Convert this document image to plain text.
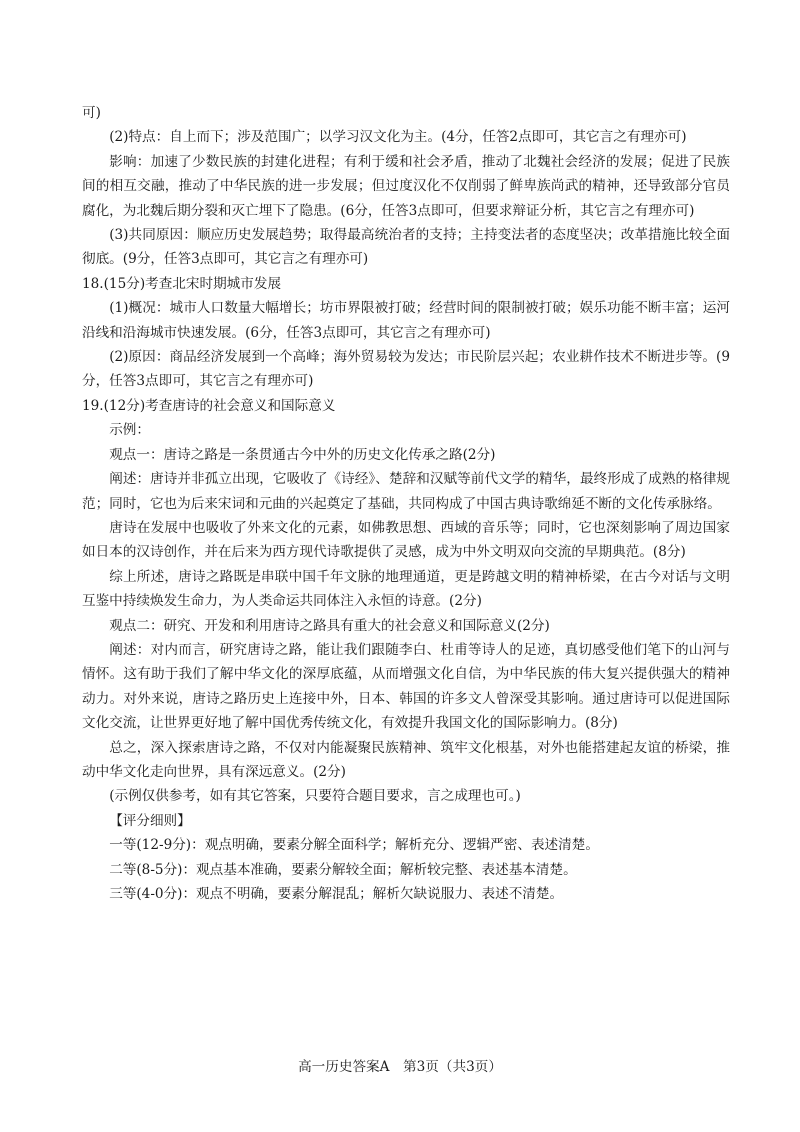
可)

(2)特点：自上而下；涉及范围广；以学习汉文化为主。(4分，任答2点即可，其它言之有理亦可)

影响：加速了少数民族的封建化进程；有利于缓和社会矛盾，推动了北魏社会经济的发展；促进了民族间的相互交融，推动了中华民族的进一步发展；但过度汉化不仅削弱了鲜卑族尚武的精神，还导致部分官员腐化，为北魏后期分裂和灭亡埋下了隐患。(6分，任答3点即可，但要求辩证分析，其它言之有理亦可)

(3)共同原因：顺应历史发展趋势；取得最高统治者的支持；主持变法者的态度坚决；改革措施比较全面彻底。(9分，任答3点即可，其它言之有理亦可)

18.(15分)考查北宋时期城市发展

(1)概况：城市人口数量大幅增长；坊市界限被打破；经营时间的限制被打破；娱乐功能不断丰富；运河沿线和沿海城市快速发展。(6分，任答3点即可，其它言之有理亦可)

(2)原因：商品经济发展到一个高峰；海外贸易较为发达；市民阶层兴起；农业耕作技术不断进步等。(9分，任答3点即可，其它言之有理亦可)

19.(12分)考查唐诗的社会意义和国际意义

示例：

观点一：唐诗之路是一条贯通古今中外的历史文化传承之路(2分)

阐述：唐诗并非孤立出现，它吸收了《诗经》、楚辞和汉赋等前代文学的精华，最终形成了成熟的格律规范；同时，它也为后来宋词和元曲的兴起奠定了基础，共同构成了中国古典诗歌绵延不断的文化传承脉络。

唐诗在发展中也吸收了外来文化的元素，如佛教思想、西域的音乐等；同时，它也深刻影响了周边国家如日本的汉诗创作，并在后来为西方现代诗歌提供了灵感，成为中外文明双向交流的早期典范。(8分)

综上所述，唐诗之路既是串联中国千年文脉的地理通道，更是跨越文明的精神桥梁，在古今对话与文明互鉴中持续焕发生命力，为人类命运共同体注入永恒的诗意。(2分)

观点二：研究、开发和利用唐诗之路具有重大的社会意义和国际意义(2分)

阐述：对内而言，研究唐诗之路，能让我们跟随李白、杜甫等诗人的足迹，真切感受他们笔下的山河与情怀。这有助于我们了解中华文化的深厚底蕴，从而增强文化自信，为中华民族的伟大复兴提供强大的精神动力。对外来说，唐诗之路历史上连接中外，日本、韩国的许多文人曾深受其影响。通过唐诗可以促进国际文化交流，让世界更好地了解中国优秀传统文化，有效提升我国文化的国际影响力。(8分)

总之，深入探索唐诗之路，不仅对内能凝聚民族精神、筑牢文化根基，对外也能搭建起友谊的桥梁，推动中华文化走向世界，具有深远意义。(2分)

(示例仅供参考，如有其它答案，只要符合题目要求，言之成理也可。)

【评分细则】

一等(12-9分)：观点明确，要素分解全面科学；解析充分、逻辑严密、表述清楚。

二等(8-5分)：观点基本准确，要素分解较全面；解析较完整、表述基本清楚。

三等(4-0分)：观点不明确，要素分解混乱；解析欠缺说服力、表述不清楚。

高一历史答案A　第3页（共3页）
